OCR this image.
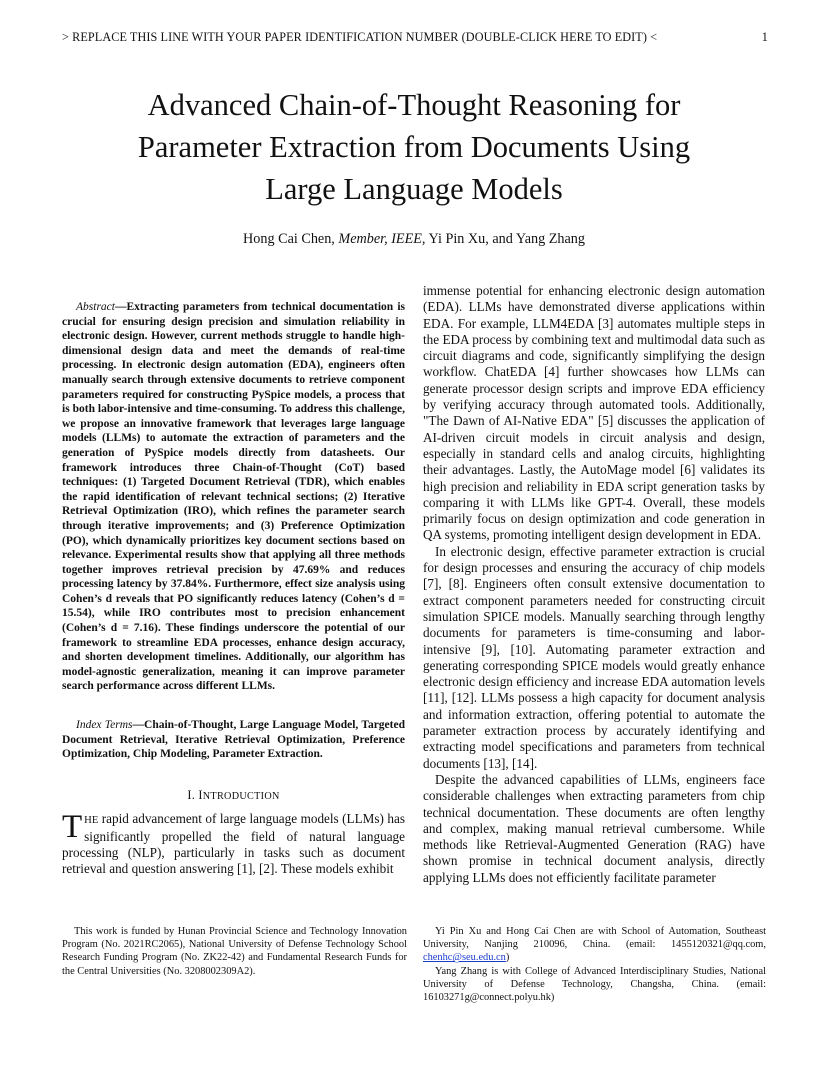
> REPLACE THIS LINE WITH YOUR PAPER IDENTIFICATION NUMBER (DOUBLE-CLICK HERE TO EDIT) <	1
Advanced Chain-of-Thought Reasoning for
Parameter Extraction from Documents Using
Large Language Models
Hong Cai Chen, Member, IEEE, Yi Pin Xu, and Yang Zhang

Abstract—Extracting parameters from technical documentation is crucial for ensuring design precision and simulation reliability in electronic design. However, current methods struggle to handle high-dimensional design data and meet the demands of real-time processing. In electronic design automation (EDA), engineers often manually search through extensive documents to retrieve component parameters required for constructing PySpice models, a process that is both labor-intensive and time-consuming. To address this challenge, we propose an innovative framework that leverages large language models (LLMs) to automate the extraction of parameters and the generation of PySpice models directly from datasheets. Our framework introduces three Chain-of-Thought (CoT) based techniques: (1) Targeted Document Retrieval (TDR), which enables the rapid identification of relevant technical sections; (2) Iterative Retrieval Optimization (IRO), which refines the parameter search through iterative improvements; and (3) Preference Optimization (PO), which dynamically prioritizes key document sections based on relevance. Experimental results show that applying all three methods together improves retrieval precision by 47.69% and reduces processing latency by 37.84%. Furthermore, effect size analysis using Cohen’s d reveals that PO significantly reduces latency (Cohen’s d = 15.54), while IRO contributes most to precision enhancement (Cohen’s d = 7.16). These findings underscore the potential of our framework to streamline EDA processes, enhance design accuracy, and shorten development timelines. Additionally, our algorithm has model-agnostic generalization, meaning it can improve parameter search performance across different LLMs.

Index Terms—Chain-of-Thought, Large Language Model, Targeted Document Retrieval, Iterative Retrieval Optimization, Preference Optimization, Chip Modeling, Parameter Extraction.

I. INTRODUCTION

THE rapid advancement of large language models (LLMs) has significantly propelled the field of natural language processing (NLP), particularly in tasks such as document retrieval and question answering [1], [2]. These models exhibit

immense potential for enhancing electronic design automation (EDA). LLMs have demonstrated diverse applications within EDA. For example, LLM4EDA [3] automates multiple steps in the EDA process by combining text and multimodal data such as circuit diagrams and code, significantly simplifying the design workflow. ChatEDA [4] further showcases how LLMs can generate processor design scripts and improve EDA efficiency by verifying accuracy through automated tools. Additionally, "The Dawn of AI-Native EDA" [5] discusses the application of AI-driven circuit models in circuit analysis and design, especially in standard cells and analog circuits, highlighting their advantages. Lastly, the AutoMage model [6] validates its high precision and reliability in EDA script generation tasks by comparing it with LLMs like GPT-4. Overall, these models primarily focus on design optimization and code generation in QA systems, promoting intelligent design development in EDA.

In electronic design, effective parameter extraction is crucial for design processes and ensuring the accuracy of chip models [7], [8]. Engineers often consult extensive documentation to extract component parameters needed for constructing circuit simulation SPICE models. Manually searching through lengthy documents for parameters is time-consuming and labor-intensive [9], [10]. Automating parameter extraction and generating corresponding SPICE models would greatly enhance electronic design efficiency and increase EDA automation levels [11], [12]. LLMs possess a high capacity for document analysis and information extraction, offering potential to automate the parameter extraction process by accurately identifying and extracting model specifications and parameters from technical documents [13], [14].

Despite the advanced capabilities of LLMs, engineers face considerable challenges when extracting parameters from chip technical documentation. These documents are often lengthy and complex, making manual retrieval cumbersome. While methods like Retrieval-Augmented Generation (RAG) have shown promise in technical document analysis, directly applying LLMs does not efficiently facilitate parameter

This work is funded by Hunan Provincial Science and Technology Innovation Program (No. 2021RC2065), National University of Defense Technology School Research Funding Program (No. ZK22-42) and Fundamental Research Funds for the Central Universities (No. 3208002309A2).

Yi Pin Xu and Hong Cai Chen are with School of Automation, Southeast University, Nanjing 210096, China. (email: 1455120321@qq.com, chenhc@seu.edu.cn)

Yang Zhang is with College of Advanced Interdisciplinary Studies, National University of Defense Technology, Changsha, China. (email: 16103271g@connect.polyu.hk)
